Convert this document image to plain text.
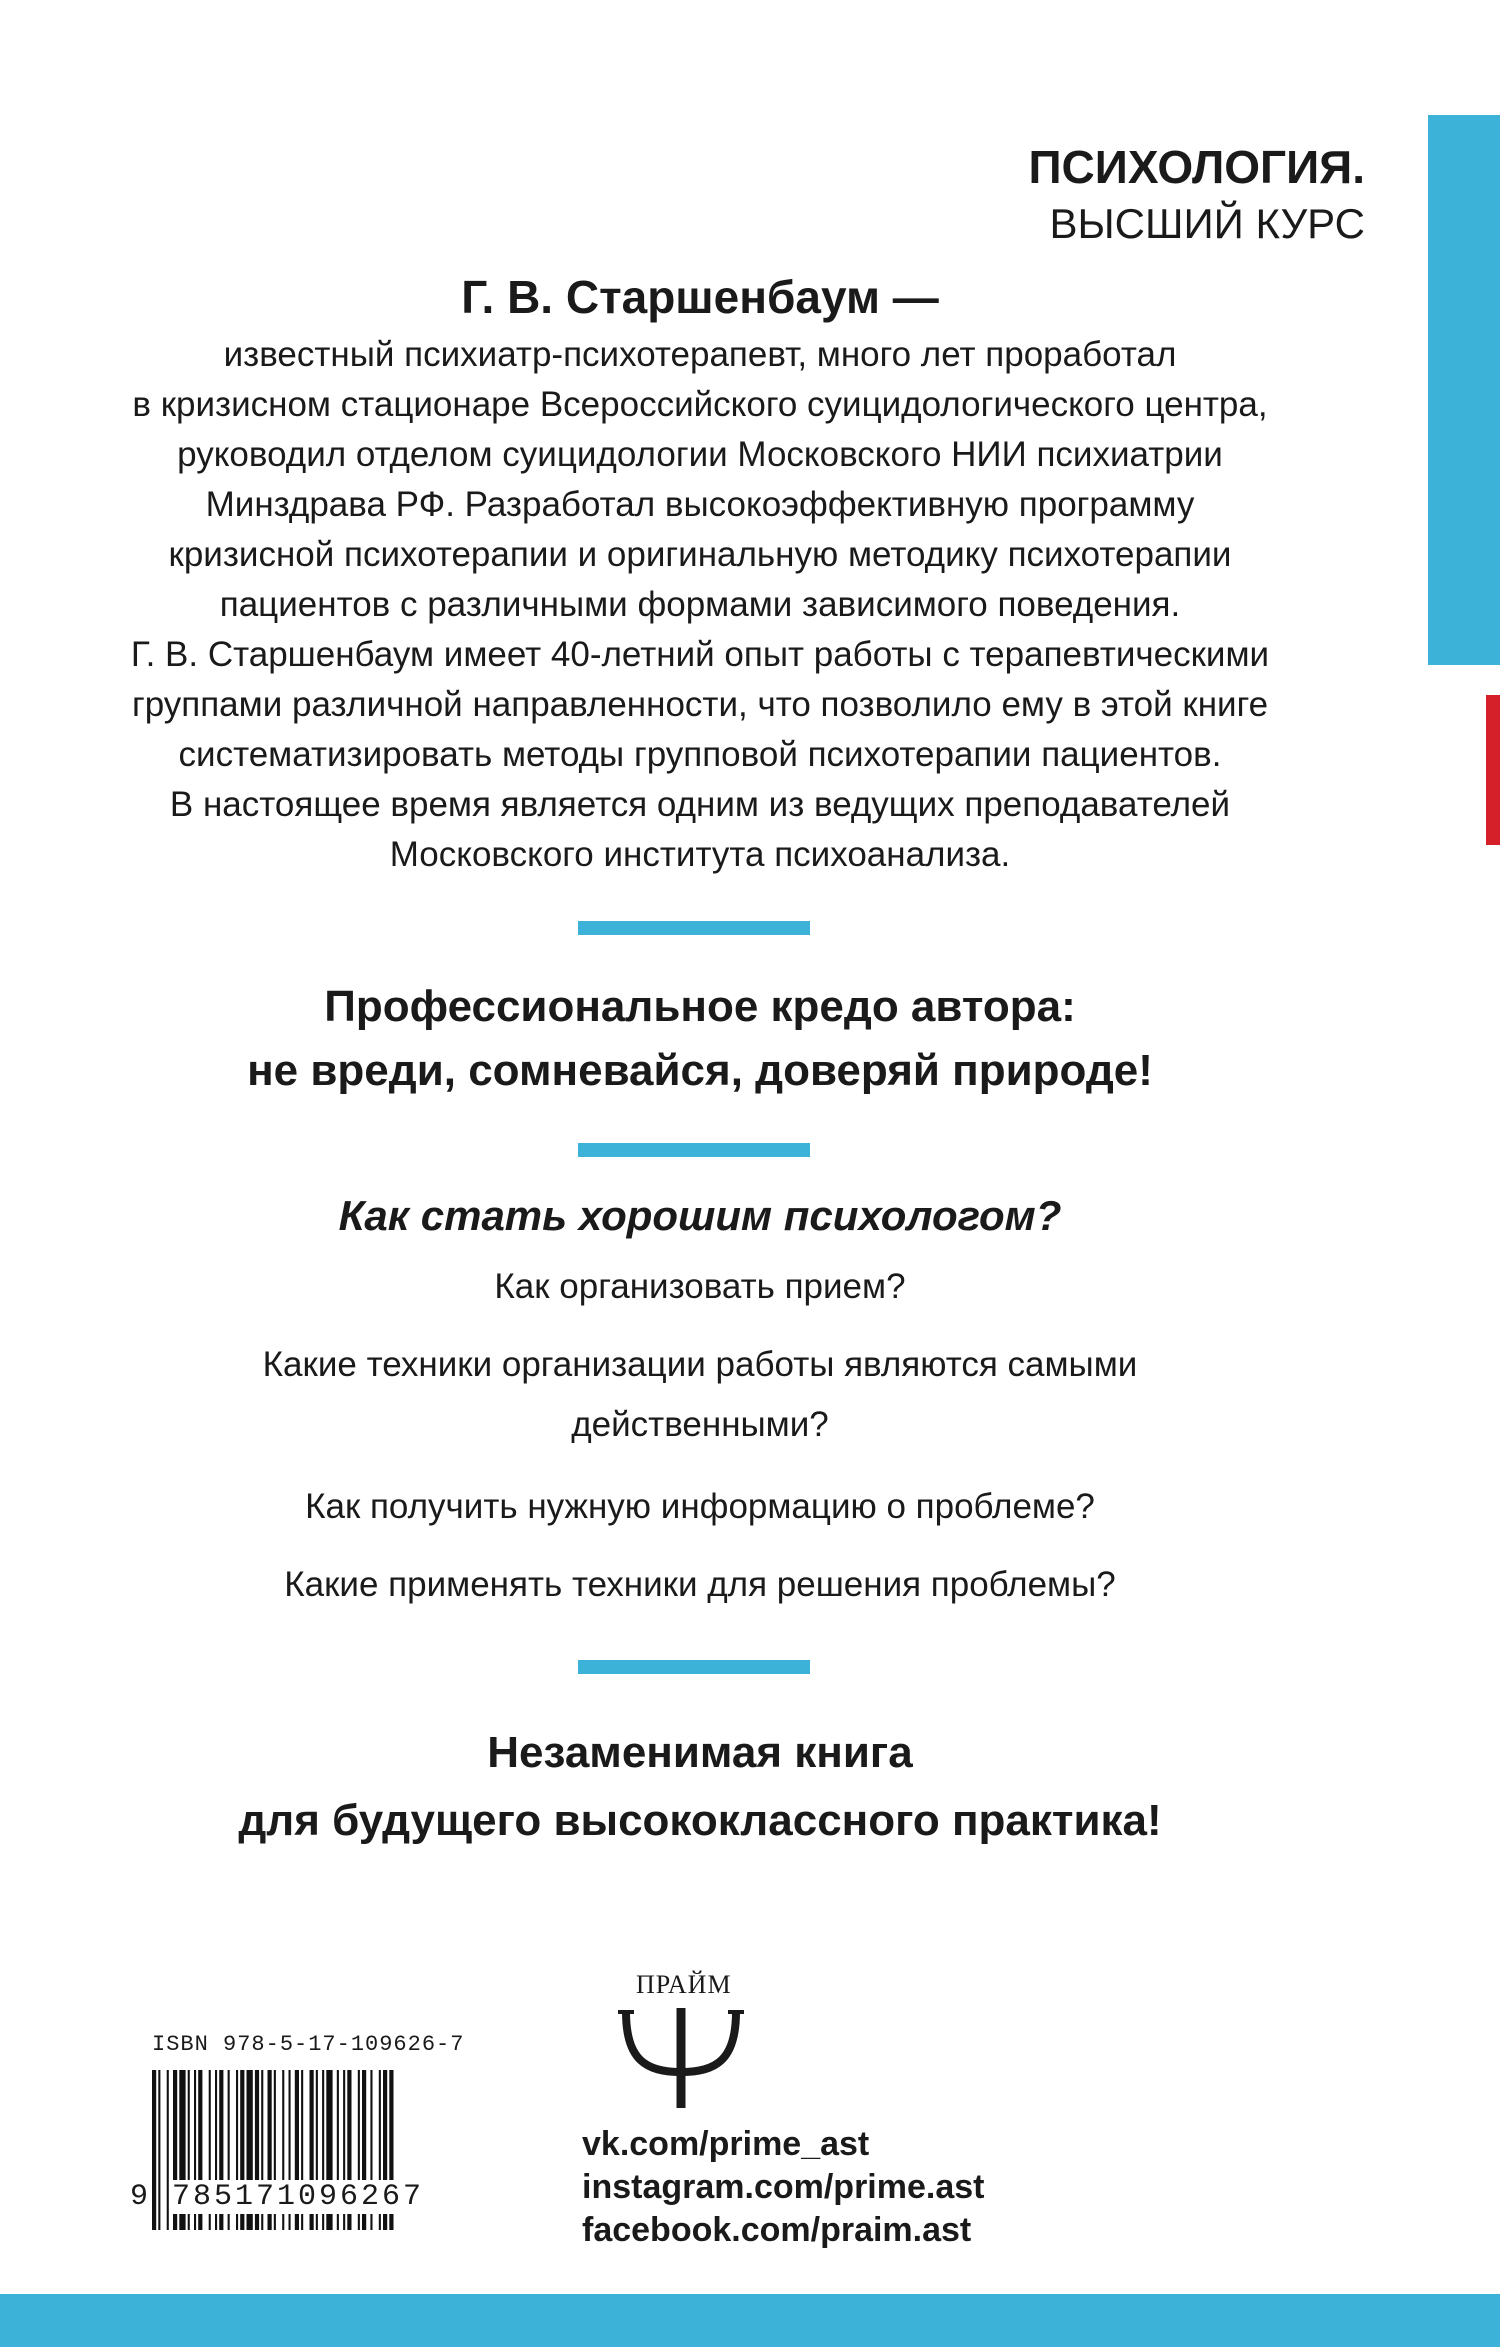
ПСИХОЛОГИЯ.
ВЫСШИЙ КУРС
Г. В. Старшенбаум —

известный психиатр-психотерапевт, много лет проработал

в кризисном стационаре Всероссийского суицидологического центра,

руководил отделом суицидологии Московского НИИ психиатрии

Минздрава РФ. Разработал высокоэффективную программу

кризисной психотерапии и оригинальную методику психотерапии

пациентов с различными формами зависимого поведения.

Г. В. Старшенбаум имеет 40-летний опыт работы с терапевтическими

группами различной направленности, что позволило ему в этой книге

систематизировать методы групповой психотерапии пациентов.

В настоящее время является одним из ведущих преподавателей

Московского института психоанализа.

Профессиональное кредо автора:
не вреди, сомневайся, доверяй природе!
Как стать хорошим психологом?
Как организовать прием?
Какие техники организации работы являются самыми
действенными?
Как получить нужную информацию о проблеме?
Какие применять техники для решения проблемы?
Незаменимая книга
для будущего высококлассного практика!
ПРАЙМ
vk.com/prime_ast
instagram.com/prime.ast
facebook.com/praim.ast
ISBN 978-5-17-109626-7
9 785171096267
